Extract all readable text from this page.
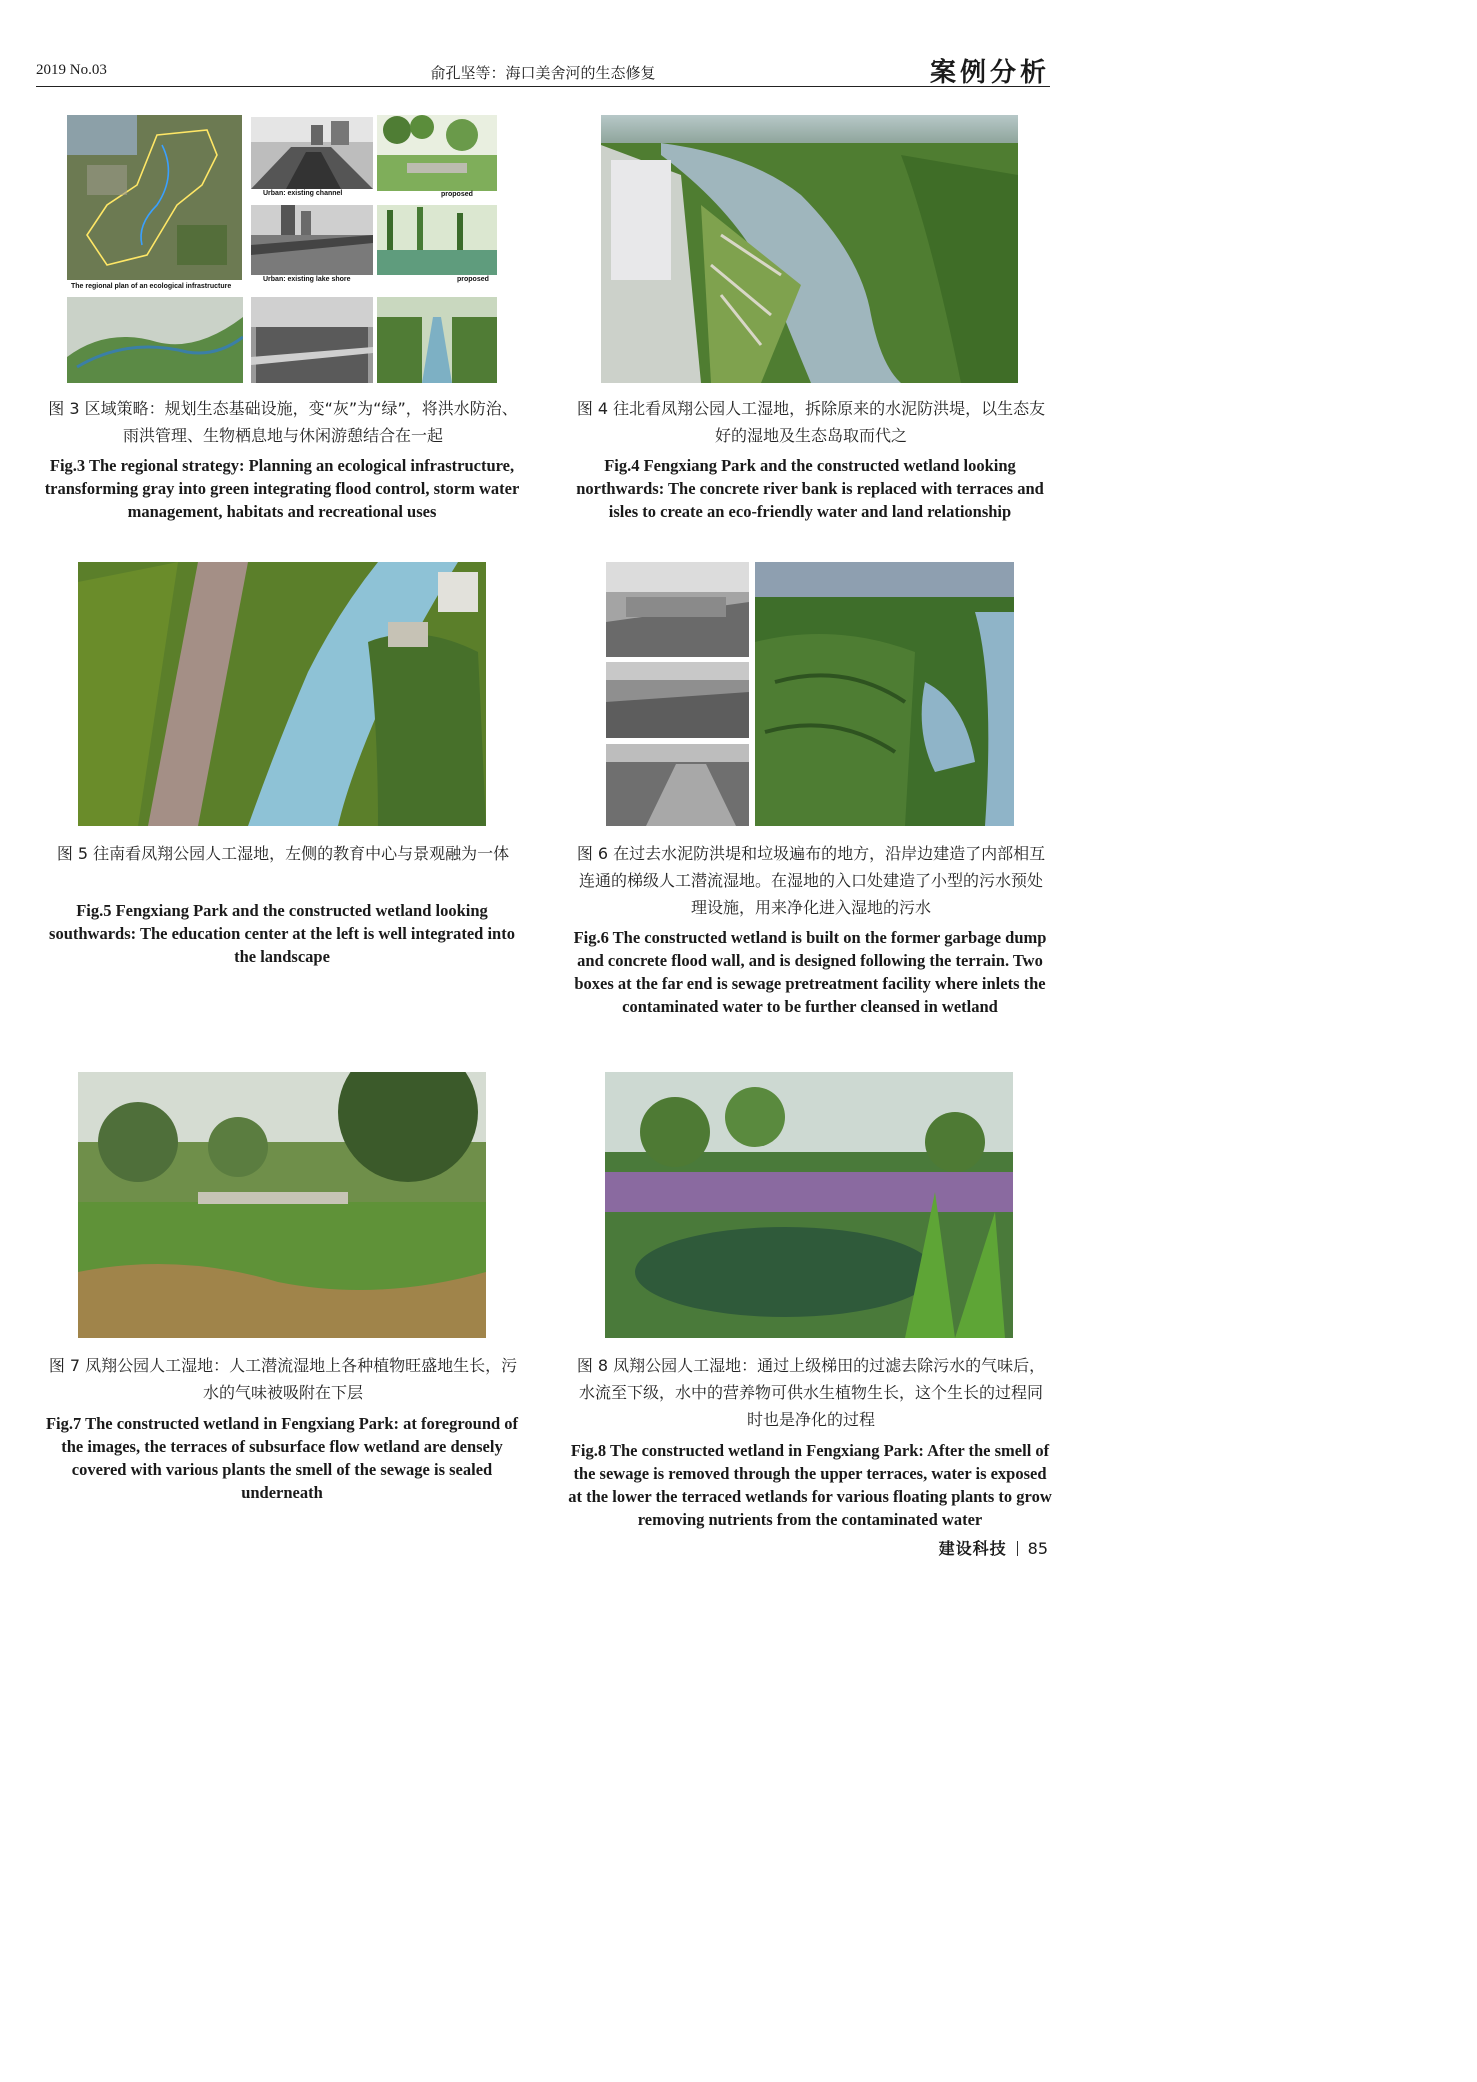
2019 No.03	俞孔坚等：海口美舍河的生态修复	案例分析
The regional plan of an ecological infrastructure
Urban: existing channel	proposed
Urban: existing lake shore	proposed
图 3 区域策略：规划生态基础设施，变“灰”为“绿”，将洪水防治、雨洪管理、生物栖息地与休闲游憩结合在一起
Fig.3 The regional strategy: Planning an ecological infrastructure, transforming gray into green integrating flood control, storm water management, habitats and recreational uses
图 4 往北看凤翔公园人工湿地，拆除原来的水泥防洪堤，以生态友好的湿地及生态岛取而代之
Fig.4 Fengxiang Park and the constructed wetland looking northwards: The concrete river bank is replaced with terraces and isles to create an eco-friendly water and land relationship
图 5 往南看凤翔公园人工湿地，左侧的教育中心与景观融为一体
Fig.5 Fengxiang Park and the constructed wetland looking southwards: The education center at the left is well integrated into the landscape
图 6 在过去水泥防洪堤和垃圾遍布的地方，沿岸边建造了内部相互连通的梯级人工潜流湿地。在湿地的入口处建造了小型的污水预处理设施，用来净化进入湿地的污水
Fig.6 The constructed wetland is built on the former garbage dump and concrete flood wall, and is designed following the terrain. Two boxes at the far end is sewage pretreatment facility where inlets the contaminated water to be further cleansed in wetland
图 7 凤翔公园人工湿地：人工潜流湿地上各种植物旺盛地生长，污水的气味被吸附在下层
Fig.7 The constructed wetland in Fengxiang Park: at foreground of the images, the terraces of subsurface flow wetland are densely covered with various plants the smell of the sewage is sealed underneath
图 8 凤翔公园人工湿地：通过上级梯田的过滤去除污水的气味后，水流至下级，水中的营养物可供水生植物生长，这个生长的过程同时也是净化的过程
Fig.8 The constructed wetland in Fengxiang Park: After the smell of the sewage is removed through the upper terraces, water is exposed at the lower the terraced wetlands for various floating plants to grow removing nutrients from the contaminated water
建设科技 85
